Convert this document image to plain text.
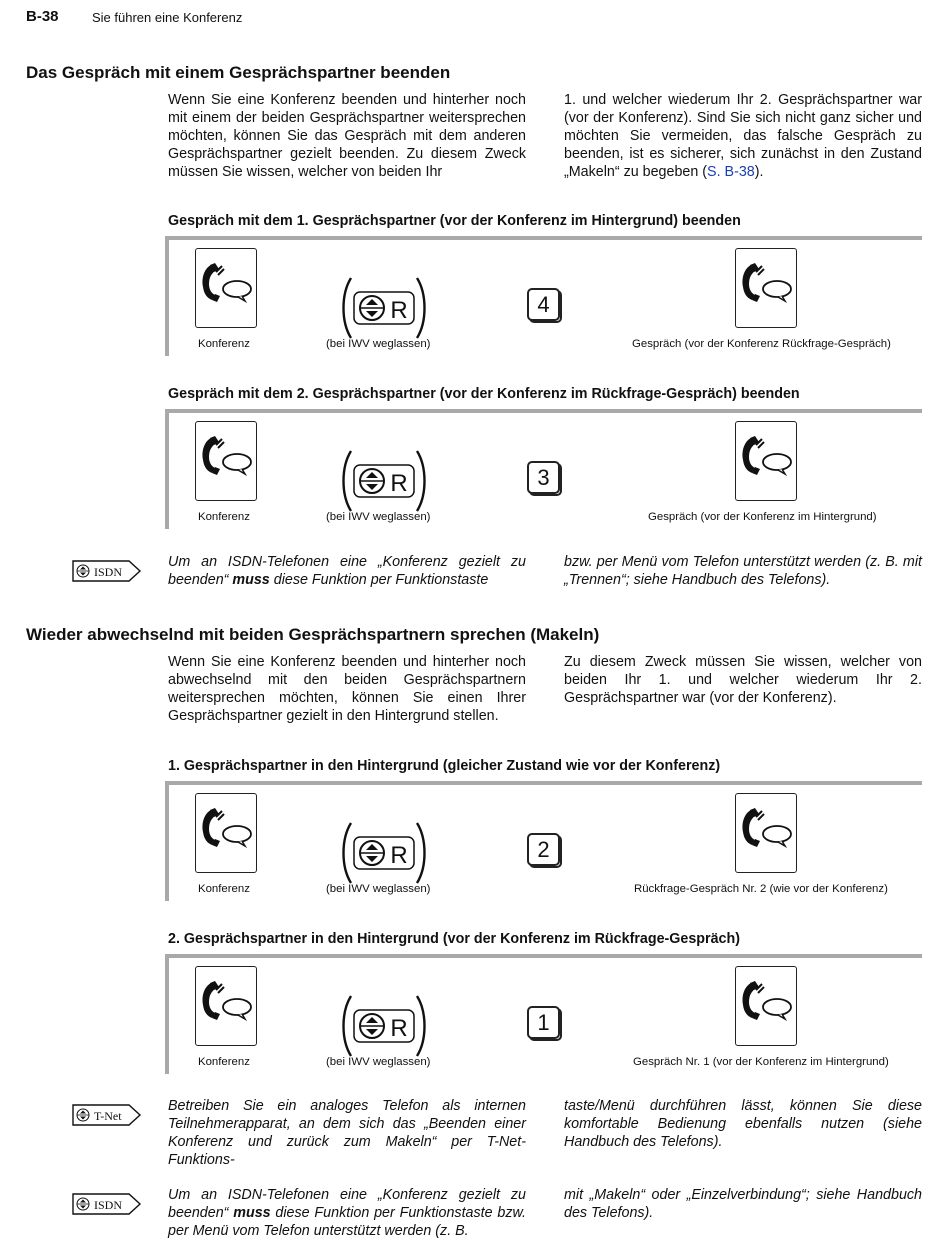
B-38	Sie führen eine Konferenz
Das Gespräch mit einem Gesprächspartner beenden

Wenn Sie eine Konferenz beenden und hinterher noch mit einem der beiden Gesprächspartner weitersprechen möchten, können Sie das Gespräch mit dem anderen Gesprächspartner gezielt beenden. Zu diesem Zweck müssen Sie wissen, welcher von beiden Ihr

1. und welcher wiederum Ihr 2. Gesprächspartner war (vor der Konferenz). Sind Sie sich nicht ganz sicher und möchten Sie vermeiden, das falsche Gespräch zu beenden, ist es sicherer, sich zunächst in den Zustand „Makeln“ zu begeben (S. B-38).

Gespräch mit dem 1. Gesprächspartner (vor der Konferenz im Hintergrund) beenden
R	4
Konferenz	(bei IWV weglassen)	Gespräch (vor der Konferenz Rückfrage-Gespräch)
Gespräch mit dem 2. Gesprächspartner (vor der Konferenz im Rückfrage-Gespräch) beenden
R	3
Konferenz	(bei IWV weglassen)	Gespräch (vor der Konferenz im Hintergrund)
ISDN

Um an ISDN-Telefonen eine „Konferenz gezielt zu beenden“ muss diese Funktion per Funktionstaste

bzw. per Menü vom Telefon unterstützt werden (z. B. mit „Trennen“; siehe Handbuch des Telefons).

Wieder abwechselnd mit beiden Gesprächspartnern sprechen (Makeln)

Wenn Sie eine Konferenz beenden und hinterher noch abwechselnd mit den beiden Gesprächspartnern weitersprechen möchten, können Sie einen Ihrer Gesprächspartner gezielt in den Hintergrund stellen.

Zu diesem Zweck müssen Sie wissen, welcher von beiden Ihr 1. und welcher wiederum Ihr 2. Gesprächspartner war (vor der Konferenz).

1. Gesprächspartner in den Hintergrund (gleicher Zustand wie vor der Konferenz)
R	2
Konferenz	(bei IWV weglassen)	Rückfrage-Gespräch Nr. 2 (wie vor der Konferenz)
2. Gesprächspartner in den Hintergrund (vor der Konferenz im Rückfrage-Gespräch)
R	1
Konferenz	(bei IWV weglassen)	Gespräch Nr. 1 (vor der Konferenz im Hintergrund)
T-Net

Betreiben Sie ein analoges Telefon als internen Teilnehmerapparat, an dem sich das „Beenden einer Konferenz und zurück zum Makeln“ per T-Net-Funktions-

taste/Menü durchführen lässt, können Sie diese komfortable Bedienung ebenfalls nutzen (siehe Handbuch des Telefons).

ISDN

Um an ISDN-Telefonen eine „Konferenz gezielt zu beenden“ muss diese Funktion per Funktionstaste bzw. per Menü vom Telefon unterstützt werden (z. B.

mit „Makeln“ oder „Einzelverbindung“; siehe Handbuch des Telefons).
